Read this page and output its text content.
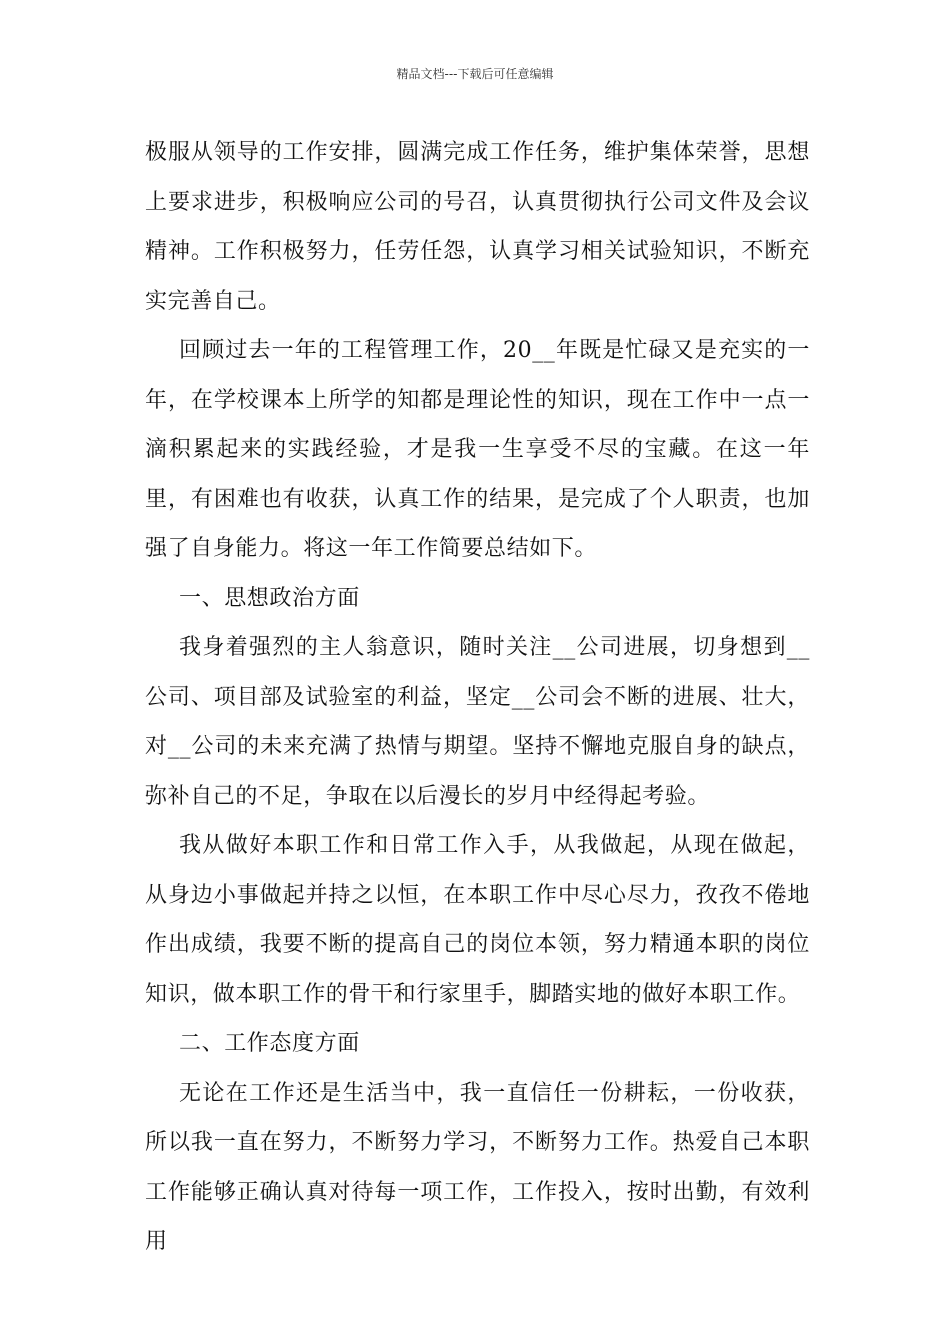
精品文档---下载后可任意编辑

极服从领导的工作安排，圆满完成工作任务，维护集体荣誉，思想上要求进步，积极响应公司的号召，认真贯彻执行公司文件及会议精神。工作积极努力，任劳任怨，认真学习相关试验知识，不断充实完善自己。

回顾过去一年的工程管理工作，20__年既是忙碌又是充实的一年，在学校课本上所学的知都是理论性的知识，现在工作中一点一滴积累起来的实践经验，才是我一生享受不尽的宝藏。在这一年里，有困难也有收获，认真工作的结果，是完成了个人职责，也加强了自身能力。将这一年工作简要总结如下。

一、思想政治方面

我身着强烈的主人翁意识，随时关注__公司进展，切身想到__公司、项目部及试验室的利益，坚定__公司会不断的进展、壮大，对__公司的未来充满了热情与期望。坚持不懈地克服自身的缺点，弥补自己的不足，争取在以后漫长的岁月中经得起考验。

我从做好本职工作和日常工作入手，从我做起，从现在做起，从身边小事做起并持之以恒，在本职工作中尽心尽力，孜孜不倦地作出成绩，我要不断的提高自己的岗位本领，努力精通本职的岗位知识，做本职工作的骨干和行家里手，脚踏实地的做好本职工作。

二、工作态度方面

无论在工作还是生活当中，我一直信任一份耕耘，一份收获，所以我一直在努力，不断努力学习，不断努力工作。热爱自己本职工作能够正确认真对待每一项工作，工作投入，按时出勤，有效利用
